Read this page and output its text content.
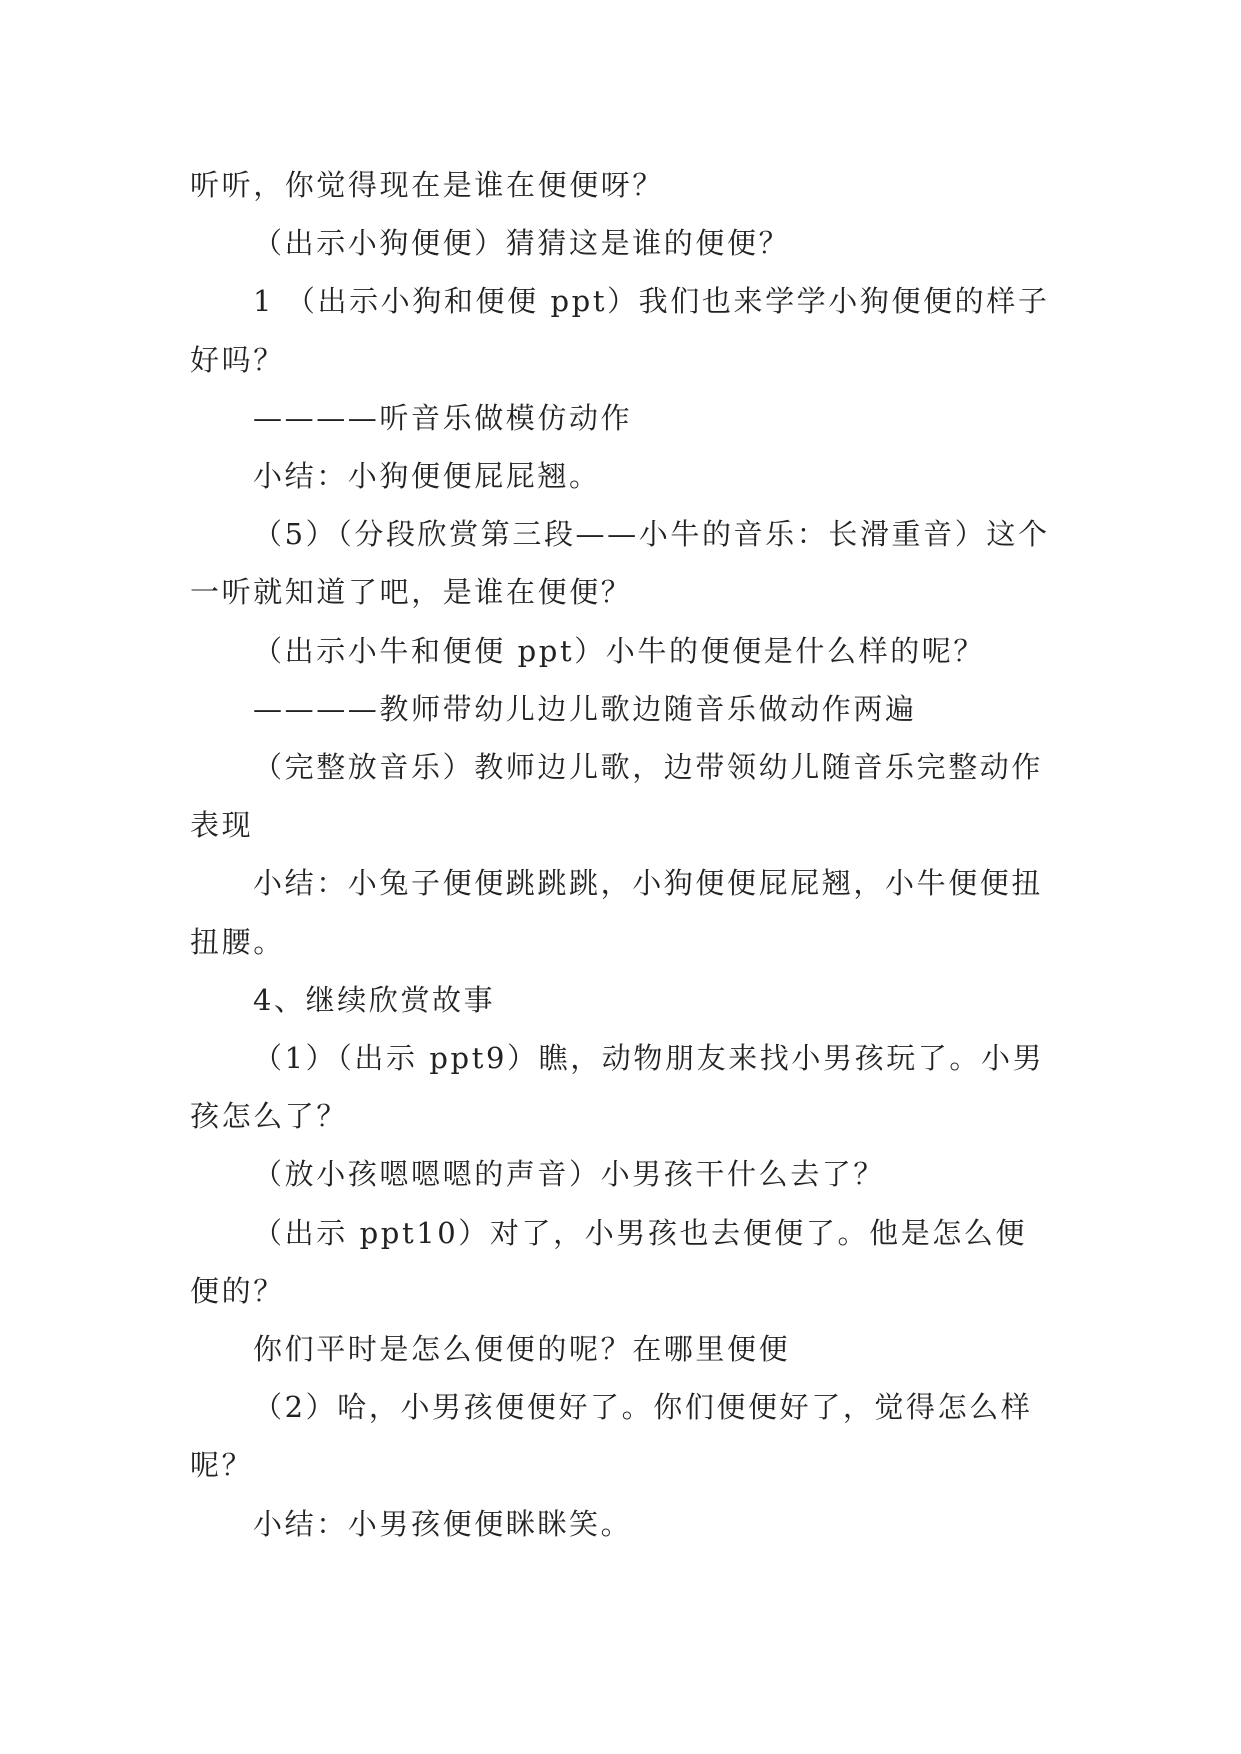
听听，你觉得现在是谁在便便呀？

（出示小狗便便）猜猜这是谁的便便？

1 （出示小狗和便便 ppt）我们也来学学小狗便便的样子好吗？

————听音乐做模仿动作

小结：小狗便便屁屁翘。

（5）（分段欣赏第三段——小牛的音乐：长滑重音）这个一听就知道了吧，是谁在便便？

（出示小牛和便便 ppt）小牛的便便是什么样的呢？

————教师带幼儿边儿歌边随音乐做动作两遍

（完整放音乐）教师边儿歌，边带领幼儿随音乐完整动作表现

小结：小兔子便便跳跳跳，小狗便便屁屁翘，小牛便便扭扭腰。

4、继续欣赏故事

（1）（出示 ppt9）瞧，动物朋友来找小男孩玩了。小男孩怎么了？

（放小孩嗯嗯嗯的声音）小男孩干什么去了？

（出示 ppt10）对了，小男孩也去便便了。他是怎么便便的？

你们平时是怎么便便的呢？在哪里便便

（2）哈，小男孩便便好了。你们便便好了，觉得怎么样呢？

小结：小男孩便便眯眯笑。
